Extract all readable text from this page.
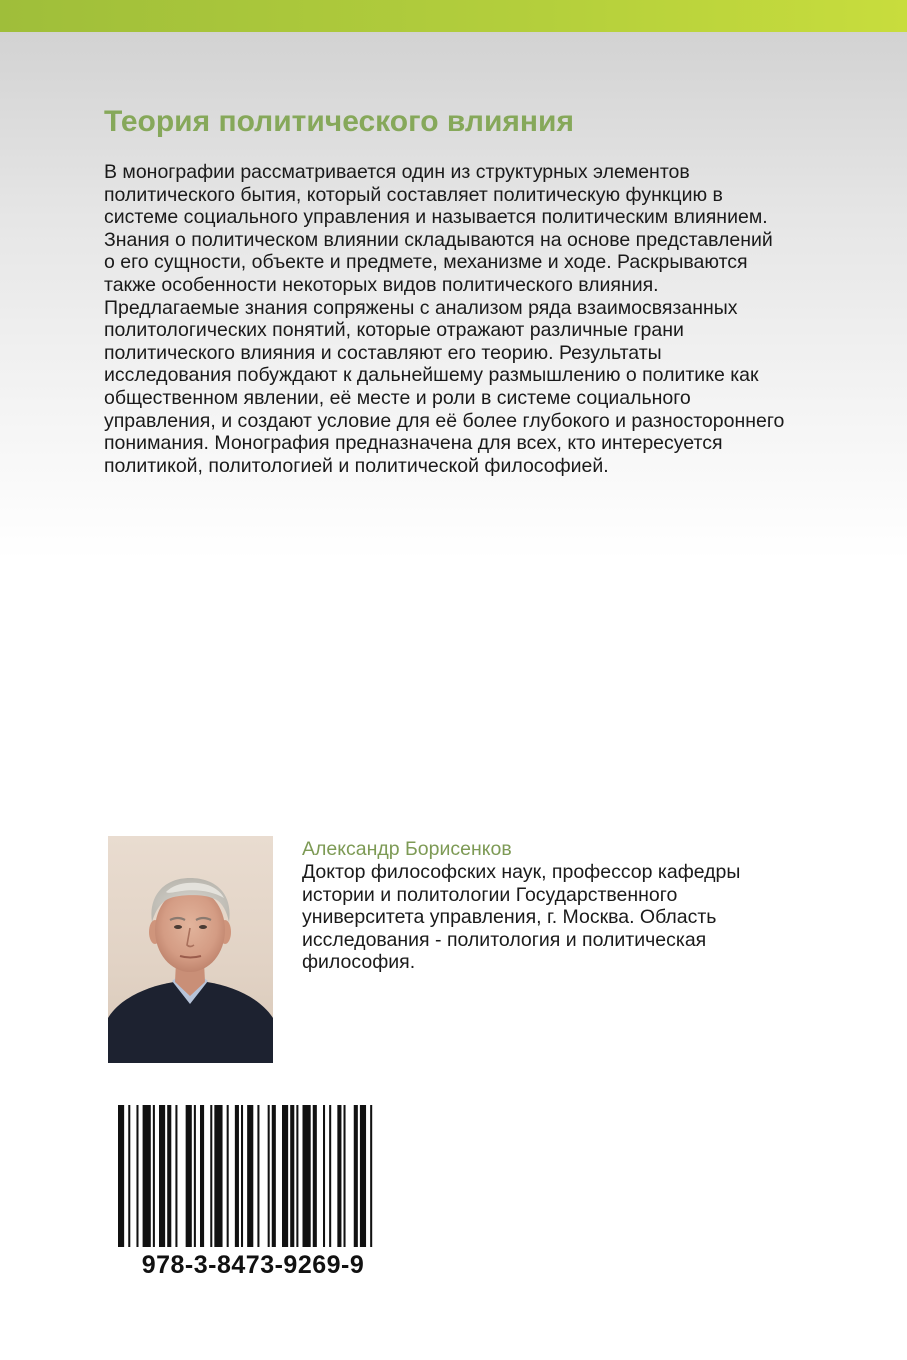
Теория политического влияния
В монографии рассматривается один из структурных элементов
политического бытия, который составляет политическую функцию в
системе социального управления и называется политическим влиянием.
Знания о политическом влиянии складываются на основе представлений
о его сущности, объекте и предмете, механизме и ходе. Раскрываются
также особенности некоторых видов политического влияния.
Предлагаемые знания сопряжены с анализом ряда взаимосвязанных
политологических понятий, которые отражают различные грани
политического влияния и составляют его теорию. Результаты
исследования побуждают к дальнейшему размышлению о политике как
общественном явлении, её месте и роли в системе социального
управления, и создают условие для её более глубокого и разностороннего
понимания. Монография предназначена для всех, кто интересуется
политикой, политологией и политической философией.

Александр Борисенков

Доктор философских наук, профессор кафедры
истории и политологии Государственного
университета управления, г. Москва. Область
исследования - политология и политическая
философия.

978-3-8473-9269-9
